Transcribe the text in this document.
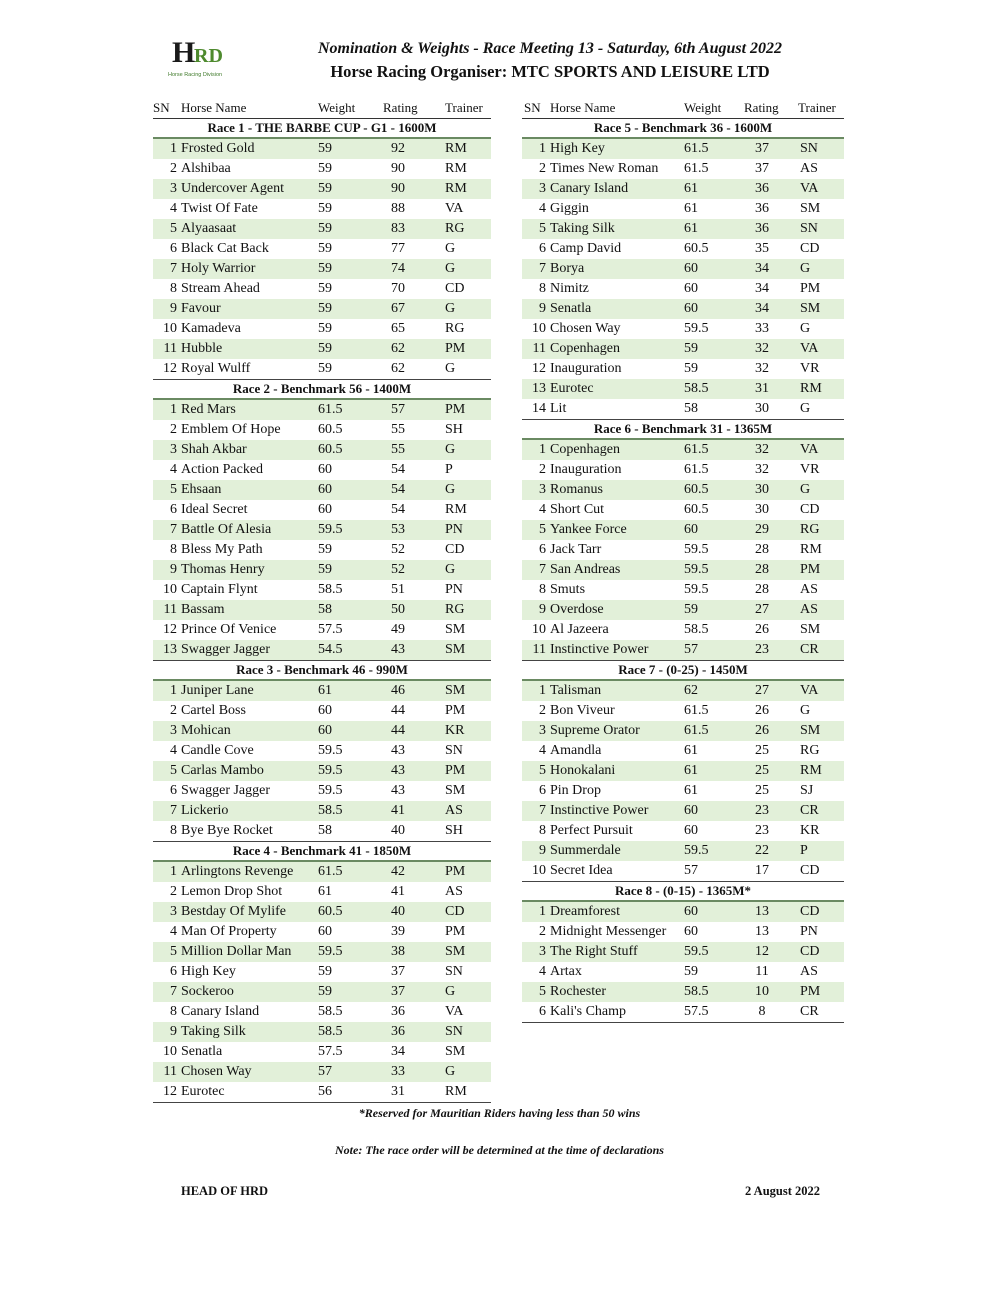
H
RD
Horse Racing Division
Nomination & Weights - Race Meeting 13 - Saturday, 6th August 2022
Horse Racing Organiser: MTC SPORTS AND LEISURE LTD
SN Horse Name	Weight Rating Trainer
Race 1 - THE BARBE CUP - G1 - 1600M
1 Frosted Gold	59	92	RM
2 Alshibaa	59	90	RM
3 Undercover Agent 59	90	RM
4 Twist Of Fate	59	88	VA
5 Alyaasaat	59	83	RG
6 Black Cat Back	59	77	G
7 Holy Warrior	59	74	G
8 Stream Ahead	59	70	CD
9 Favour	59	67	G
10 Kamadeva	59	65	RG
11 Hubble	59	62	PM
12 Royal Wulff	59	62	G
Race 2 - Benchmark 56 - 1400M
1 Red Mars	61.5	57	PM
2 Emblem Of Hope	60.5	55	SH
3 Shah Akbar	60.5	55	G
4 Action Packed	60	54	P
5 Ehsaan	60	54	G
6 Ideal Secret	60	54	RM
7 Battle Of Alesia	59.5	53	PN
8 Bless My Path	59	52	CD
9 Thomas Henry	59	52	G
10 Captain Flynt	58.5	51	PN
11 Bassam	58	50	RG
12 Prince Of Venice	57.5	49	SM
13 Swagger Jagger	54.5	43	SM
Race 3 - Benchmark 46 - 990M
1 Juniper Lane	61	46	SM
2 Cartel Boss	60	44	PM
3 Mohican	60	44	KR
4 Candle Cove	59.5	43	SN
5 Carlas Mambo	59.5	43	PM
6 Swagger Jagger	59.5	43	SM
7 Lickerio	58.5	41	AS
8 Bye Bye Rocket	58	40	SH
Race 4 - Benchmark 41 - 1850M
1 Arlingtons Revenge 61.5	42	PM
2 Lemon Drop Shot	61	41	AS
3 Bestday Of Mylife 60.5	40	CD
4 Man Of Property	60	39	PM
5 Million Dollar Man 59.5	38	SM
6 High Key	59	37	SN
7 Sockeroo	59	37	G
8 Canary Island	58.5	36	VA
9 Taking Silk	58.5	36	SN
10 Senatla	57.5	34	SM
11 Chosen Way	57	33	G
12 Eurotec	56	31	RM
SN Horse Name	Weight Rating Trainer
Race 5 - Benchmark 36 - 1600M
1 High Key	61.5	37	SN
2 Times New Roman 61.5	37	AS
3 Canary Island	61	36	VA
4 Giggin	61	36	SM
5 Taking Silk	61	36	SN
6 Camp David	60.5	35	CD
7 Borya	60	34	G
8 Nimitz	60	34	PM
9 Senatla	60	34	SM
10 Chosen Way	59.5	33	G
11 Copenhagen	59	32	VA
12 Inauguration	59	32	VR
13 Eurotec	58.5	31	RM
14 Lit	58	30	G
Race 6 - Benchmark 31 - 1365M
1 Copenhagen	61.5	32	VA
2 Inauguration	61.5	32	VR
3 Romanus	60.5	30	G
4 Short Cut	60.5	30	CD
5 Yankee Force	60	29	RG
6 Jack Tarr	59.5	28	RM
7 San Andreas	59.5	28	PM
8 Smuts	59.5	28	AS
9 Overdose	59	27	AS
10 Al Jazeera	58.5	26	SM
11 Instinctive Power	57	23	CR
Race 7 - (0-25) - 1450M
1 Talisman	62	27	VA
2 Bon Viveur	61.5	26	G
3 Supreme Orator	61.5	26	SM
4 Amandla	61	25	RG
5 Honokalani	61	25	RM
6 Pin Drop	61	25	SJ
7 Instinctive Power	60	23	CR
8 Perfect Pursuit	60	23	KR
9 Summerdale	59.5	22	P
10 Secret Idea	57	17	CD
Race 8 - (0-15) - 1365M*
1 Dreamforest	60	13	CD
2 Midnight Messenger 60	13	PN
3 The Right Stuff	59.5	12	CD
4 Artax	59	11	AS
5 Rochester	58.5	10	PM
6 Kali's Champ	57.5	8	CR
*Reserved for Mauritian Riders having less than 50 wins
Note: The race order will be determined at the time of declarations
HEAD OF HRD	2 August 2022
